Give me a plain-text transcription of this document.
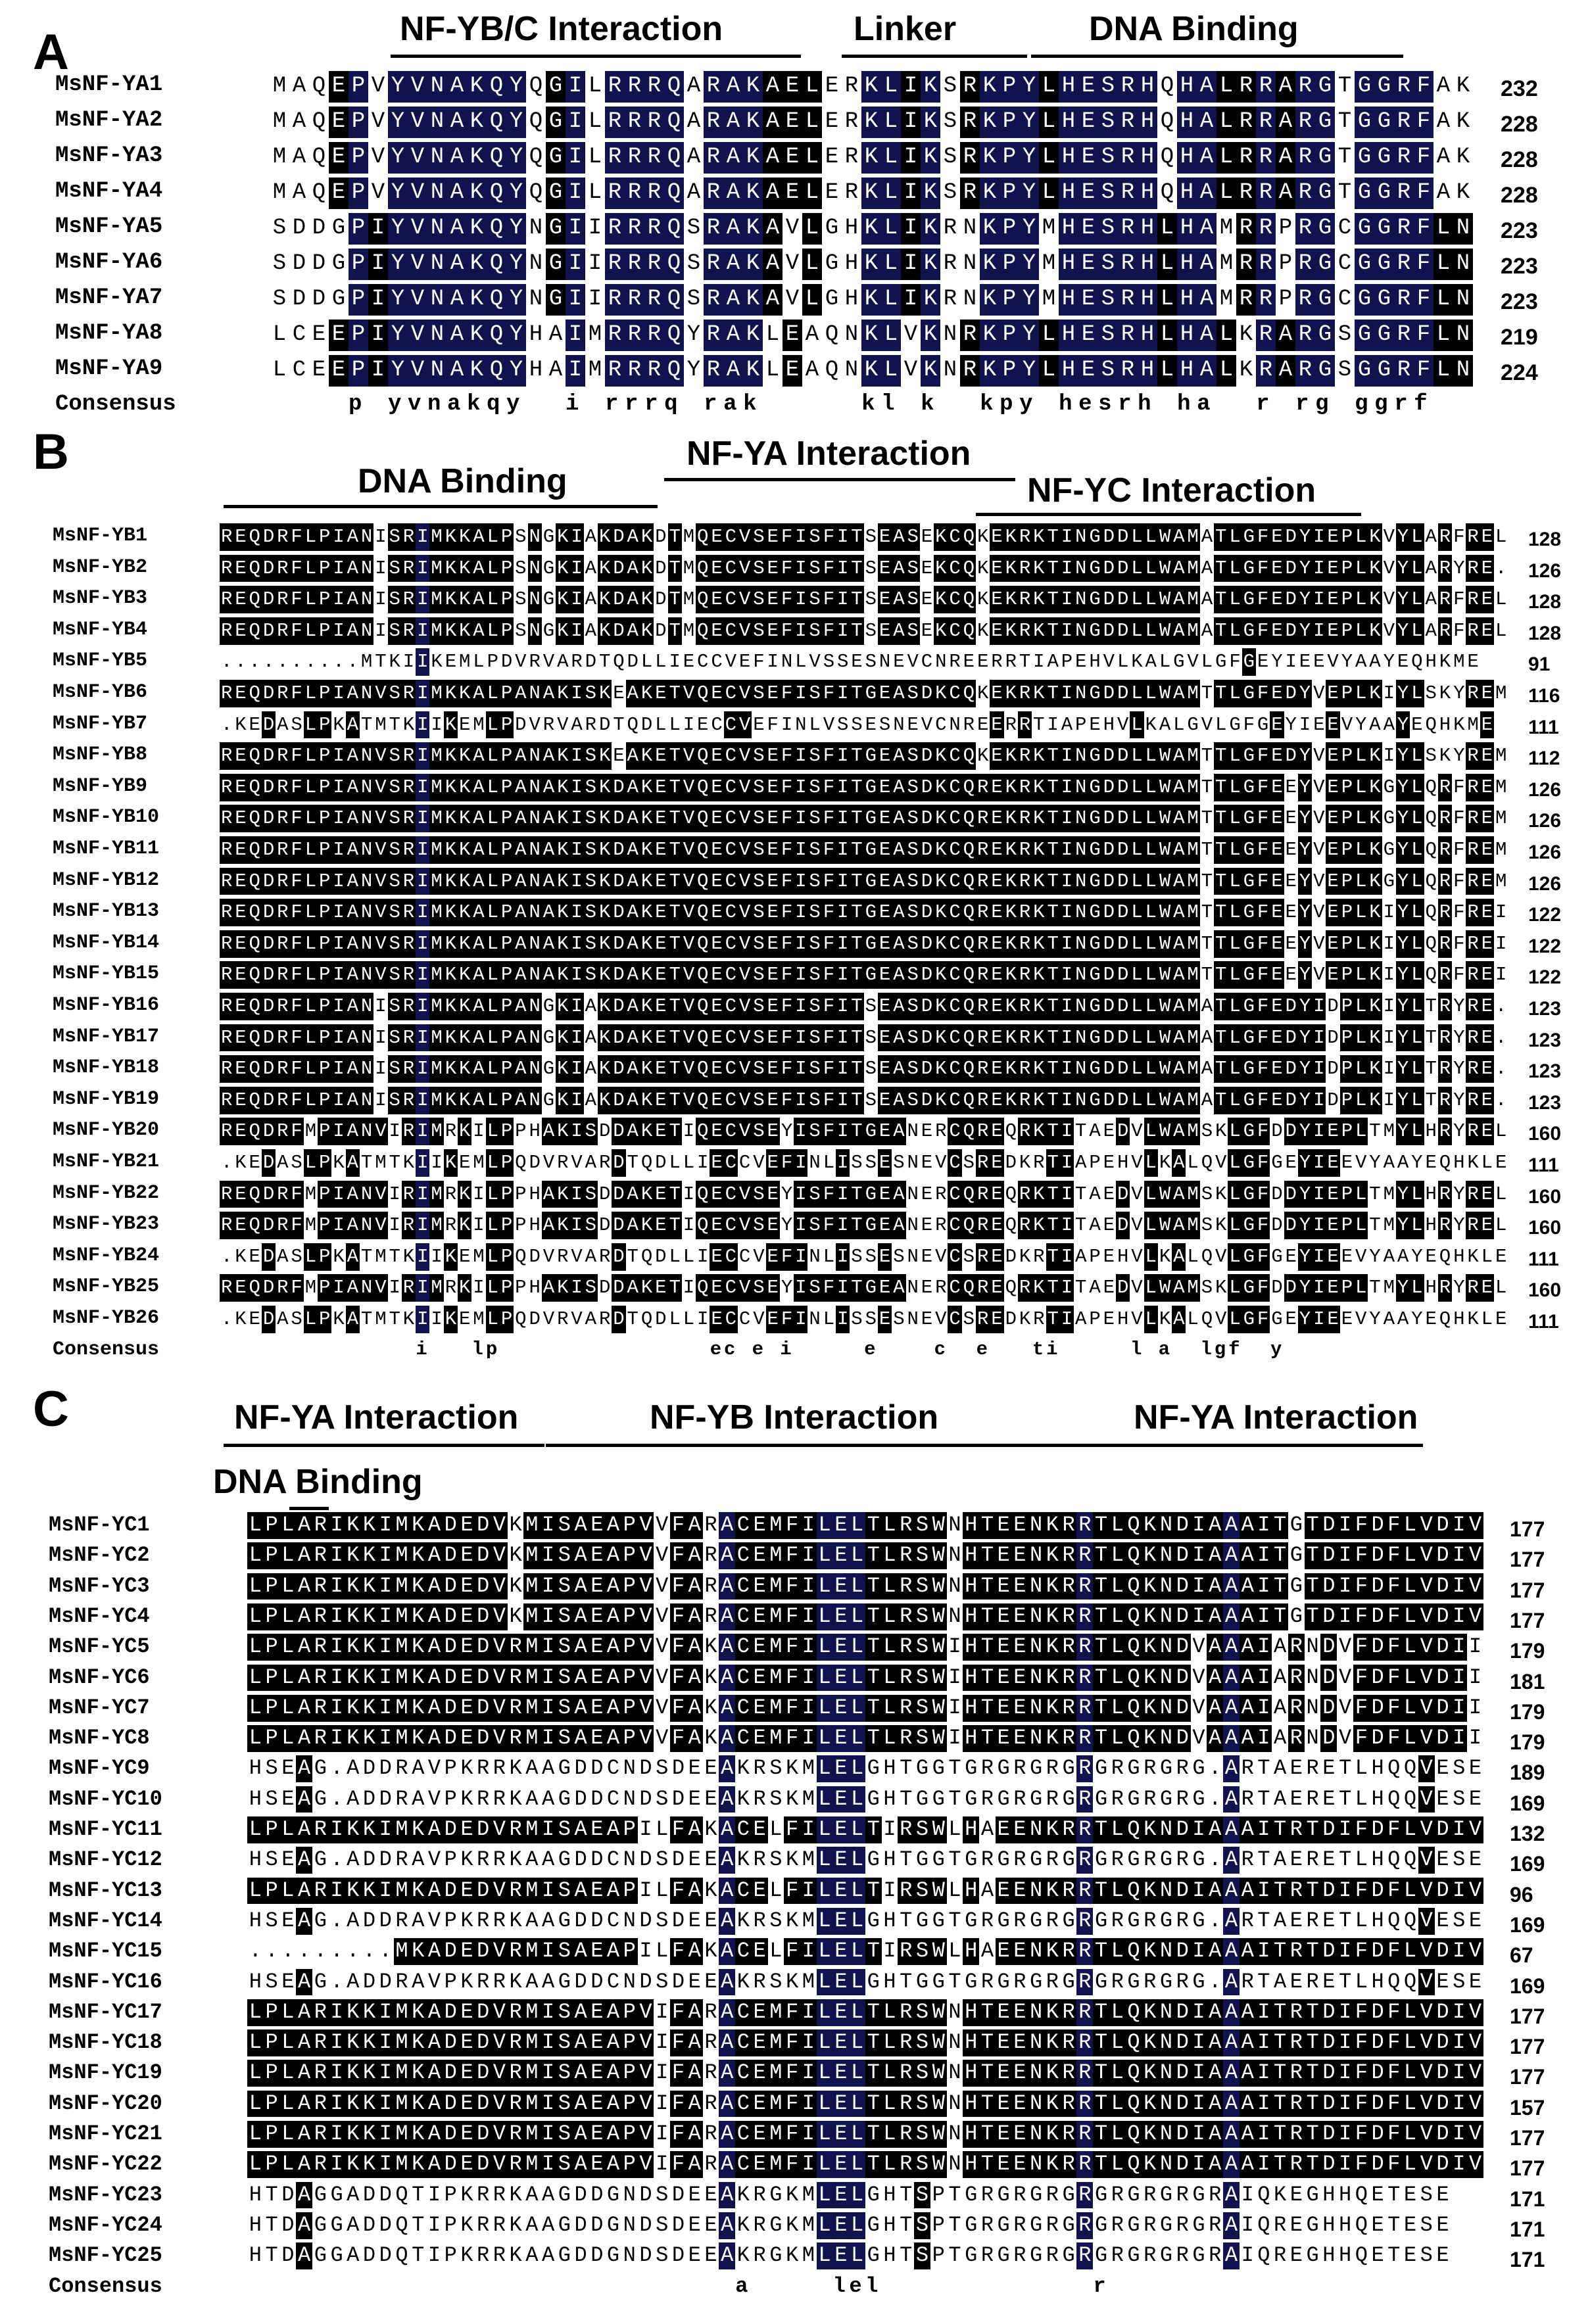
A	NF-YB/C Interaction	Linker	DNA Binding
MsNF-YA1	M A Q E P V Y V N A K Q Y Q G I L R R R Q A R A K A E L E R K L I K S R K P Y L H E S R H Q H A L R R A R G T G G R F A K 232
MsNF-YA2	M A Q E P V Y V N A K Q Y Q G I L R R R Q A R A K A E L E R K L I K S R K P Y L H E S R H Q H A L R R A R G T G G R F A K 228
MsNF-YA3	M A Q E P V Y V N A K Q Y Q G I L R R R Q A R A K A E L E R K L I K S R K P Y L H E S R H Q H A L R R A R G T G G R F A K 228
MsNF-YA4	M A Q E P V Y V N A K Q Y Q G I L R R R Q A R A K A E L E R K L I K S R K P Y L H E S R H Q H A L R R A R G T G G R F A K 228
MsNF-YA5	S D D G P I Y V N A K Q Y N G I I R R R Q S R A K A V L G H K L I K R N K P Y M H E S R H L H A M R R P R G C G G R F L N 223
MsNF-YA6	S D D G P I Y V N A K Q Y N G I I R R R Q S R A K A V L G H K L I K R N K P Y M H E S R H L H A M R R P R G C G G R F L N 223
MsNF-YA7	S D D G P I Y V N A K Q Y N G I I R R R Q S R A K A V L G H K L I K R N K P Y M H E S R H L H A M R R P R G C G G R F L N 223
MsNF-YA8	L C E E P I Y V N A K Q Y H A I M R R R Q Y R A K L E A Q N K L V K N R K P Y L H E S R H L H A L K R A R G S G G R F L N 219
MsNF-YA9	L C E E P I Y V N A K Q Y H A I M R R R Q Y R A K L E A Q N K L V K N R K P Y L H E S R H L H A L K R A R G S G G R F L N 224
Consensus	p yvnakqy  i rrrq rak     kl k  kpy hesrh ha  r rg ggrf
B
DNA Binding
NF-YA Interaction
NF-YC Interaction
MsNF-YB1	R E Q D R F L P I A N I S R I M K K A L P S N G K I A K D A K D T M Q E C V S E F I S F I T S E A S E K C Q K E K R K T I N G D D L L W A M A T L G F E D Y I E P L K V Y L A R F R E L 128
MsNF-YB2	R E Q D R F L P I A N I S R I M K K A L P S N G K I A K D A K D T M Q E C V S E F I S F I T S E A S E K C Q K E K R K T I N G D D L L W A M A T L G F E D Y I E P L K V Y L A R Y R E . 126
MsNF-YB3	R E Q D R F L P I A N I S R I M K K A L P S N G K I A K D A K D T M Q E C V S E F I S F I T S E A S E K C Q K E K R K T I N G D D L L W A M A T L G F E D Y I E P L K V Y L A R F R E L 128
MsNF-YB4	R E Q D R F L P I A N I S R I M K K A L P S N G K I A K D A K D T M Q E C V S E F I S F I T S E A S E K C Q K E K R K T I N G D D L L W A M A T L G F E D Y I E P L K V Y L A R F R E L 128
MsNF-YB5	. . . . . . . . . . M T K I I K E M L P D V R V A R D T Q D L L I E C C V E F I N L V S S E S N E V C N R E E R R T I A P E H V L K A L G V L G F G E Y I E E V Y A A Y E Q H K M E	91
MsNF-YB6	R E Q D R F L P I A N V S R I M K K A L P A N A K I S K E A K E T V Q E C V S E F I S F I T G E A S D K C Q K E K R K T I N G D D L L W A M T T L G F E D Y V E P L K I Y L S K Y R E M 116
MsNF-YB7	. K E D A S L P K A T M T K I I K E M L P D V R V A R D T Q D L L I E C C V E F I N L V S S E S N E V C N R E E R R T I A P E H V L K A L G V L G F G E Y I E E V Y A A Y E Q H K M E 111
MsNF-YB8	R E Q D R F L P I A N V S R I M K K A L P A N A K I S K E A K E T V Q E C V S E F I S F I T G E A S D K C Q K E K R K T I N G D D L L W A M T T L G F E D Y V E P L K I Y L S K Y R E M 112
MsNF-YB9	R E Q D R F L P I A N V S R I M K K A L P A N A K I S K D A K E T V Q E C V S E F I S F I T G E A S D K C Q R E K R K T I N G D D L L W A M T T L G F E E Y V E P L K G Y L Q R F R E M 126
MsNF-YB10	R E Q D R F L P I A N V S R I M K K A L P A N A K I S K D A K E T V Q E C V S E F I S F I T G E A S D K C Q R E K R K T I N G D D L L W A M T T L G F E E Y V E P L K G Y L Q R F R E M 126
MsNF-YB11	R E Q D R F L P I A N V S R I M K K A L P A N A K I S K D A K E T V Q E C V S E F I S F I T G E A S D K C Q R E K R K T I N G D D L L W A M T T L G F E E Y V E P L K G Y L Q R F R E M 126
MsNF-YB12	R E Q D R F L P I A N V S R I M K K A L P A N A K I S K D A K E T V Q E C V S E F I S F I T G E A S D K C Q R E K R K T I N G D D L L W A M T T L G F E E Y V E P L K G Y L Q R F R E M 126
MsNF-YB13	R E Q D R F L P I A N V S R I M K K A L P A N A K I S K D A K E T V Q E C V S E F I S F I T G E A S D K C Q R E K R K T I N G D D L L W A M T T L G F E E Y V E P L K I Y L Q R F R E I 122
MsNF-YB14	R E Q D R F L P I A N V S R I M K K A L P A N A K I S K D A K E T V Q E C V S E F I S F I T G E A S D K C Q R E K R K T I N G D D L L W A M T T L G F E E Y V E P L K I Y L Q R F R E I 122
MsNF-YB15	R E Q D R F L P I A N V S R I M K K A L P A N A K I S K D A K E T V Q E C V S E F I S F I T G E A S D K C Q R E K R K T I N G D D L L W A M T T L G F E E Y V E P L K I Y L Q R F R E I 122
MsNF-YB16	R E Q D R F L P I A N I S R I M K K A L P A N G K I A K D A K E T V Q E C V S E F I S F I T S E A S D K C Q R E K R K T I N G D D L L W A M A T L G F E D Y I D P L K I Y L T R Y R E . 123
MsNF-YB17	R E Q D R F L P I A N I S R I M K K A L P A N G K I A K D A K E T V Q E C V S E F I S F I T S E A S D K C Q R E K R K T I N G D D L L W A M A T L G F E D Y I D P L K I Y L T R Y R E . 123
MsNF-YB18	R E Q D R F L P I A N I S R I M K K A L P A N G K I A K D A K E T V Q E C V S E F I S F I T S E A S D K C Q R E K R K T I N G D D L L W A M A T L G F E D Y I D P L K I Y L T R Y R E . 123
MsNF-YB19	R E Q D R F L P I A N I S R I M K K A L P A N G K I A K D A K E T V Q E C V S E F I S F I T S E A S D K C Q R E K R K T I N G D D L L W A M A T L G F E D Y I D P L K I Y L T R Y R E . 123
MsNF-YB20	R E Q D R F M P I A N V I R I M R K I L P P H A K I S D D A K E T I Q E C V S E Y I S F I T G E A N E R C Q R E Q R K T I T A E D V L W A M S K L G F D D Y I E P L T M Y L H R Y R E L 160
MsNF-YB21	. K E D A S L P K A T M T K I I K E M L P Q D V R V A R D T Q D L L I E C C V E F I N L I S S E S N E V C S R E D K R T I A P E H V L K A L Q V L G F G E Y I E E V Y A A Y E Q H K L E 111
MsNF-YB22	R E Q D R F M P I A N V I R I M R K I L P P H A K I S D D A K E T I Q E C V S E Y I S F I T G E A N E R C Q R E Q R K T I T A E D V L W A M S K L G F D D Y I E P L T M Y L H R Y R E L 160
MsNF-YB23	R E Q D R F M P I A N V I R I M R K I L P P H A K I S D D A K E T I Q E C V S E Y I S F I T G E A N E R C Q R E Q R K T I T A E D V L W A M S K L G F D D Y I E P L T M Y L H R Y R E L 160
MsNF-YB24	. K E D A S L P K A T M T K I I K E M L P Q D V R V A R D T Q D L L I E C C V E F I N L I S S E S N E V C S R E D K R T I A P E H V L K A L Q V L G F G E Y I E E V Y A A Y E Q H K L E 111
MsNF-YB25	R E Q D R F M P I A N V I R I M R K I L P P H A K I S D D A K E T I Q E C V S E Y I S F I T G E A N E R C Q R E Q R K T I T A E D V L W A M S K L G F D D Y I E P L T M Y L H R Y R E L 160
MsNF-YB26	. K E D A S L P K A T M T K I I K E M L P Q D V R V A R D T Q D L L I E C C V E F I N L I S S E S N E V C S R E D K R T I A P E H V L K A L Q V L G F G E Y I E E V Y A A Y E Q H K L E 111
Consensus	i   lp               ec e i     e    c  e   ti     l a  lgf  y
C	NF-YA Interaction	NF-YB Interaction	NF-YA Interaction
DNA Binding
MsNF-YC1	L P L A R I K K I M K A D E D V K M I S A E A P V V F A R A C E M F I L E L T L R S W N H T E E N K R R T L Q K N D I A A A I T G T D I F D F L V D I V 177
MsNF-YC2	L P L A R I K K I M K A D E D V K M I S A E A P V V F A R A C E M F I L E L T L R S W N H T E E N K R R T L Q K N D I A A A I T G T D I F D F L V D I V 177
MsNF-YC3	L P L A R I K K I M K A D E D V K M I S A E A P V V F A R A C E M F I L E L T L R S W N H T E E N K R R T L Q K N D I A A A I T G T D I F D F L V D I V 177
MsNF-YC4	L P L A R I K K I M K A D E D V K M I S A E A P V V F A R A C E M F I L E L T L R S W N H T E E N K R R T L Q K N D I A A A I T G T D I F D F L V D I V 177
MsNF-YC5	L P L A R I K K I M K A D E D V R M I S A E A P V V F A K A C E M F I L E L T L R S W I H T E E N K R R T L Q K N D V A A A I A R N D V F D F L V D I I 179
MsNF-YC6	L P L A R I K K I M K A D E D V R M I S A E A P V V F A K A C E M F I L E L T L R S W I H T E E N K R R T L Q K N D V A A A I A R N D V F D F L V D I I 181
MsNF-YC7	L P L A R I K K I M K A D E D V R M I S A E A P V V F A K A C E M F I L E L T L R S W I H T E E N K R R T L Q K N D V A A A I A R N D V F D F L V D I I 179
MsNF-YC8	L P L A R I K K I M K A D E D V R M I S A E A P V V F A K A C E M F I L E L T L R S W I H T E E N K R R T L Q K N D V A A A I A R N D V F D F L V D I I 179
MsNF-YC9	H S E A G . A D D R A V P K R R K A A G D D C N D S D E E A K R S K M L E L G H T G G T G R G R G R G R G R G R G R G . A R T A E R E T L H Q Q V E S E 189
MsNF-YC10	H S E A G . A D D R A V P K R R K A A G D D C N D S D E E A K R S K M L E L G H T G G T G R G R G R G R G R G R G R G . A R T A E R E T L H Q Q V E S E 169
MsNF-YC11	L P L A R I K K I M K A D E D V R M I S A E A P I L F A K A C E L F I L E L T I R S W L H A E E N K R R T L Q K N D I A A A I T R T D I F D F L V D I V 132
MsNF-YC12	H S E A G . A D D R A V P K R R K A A G D D C N D S D E E A K R S K M L E L G H T G G T G R G R G R G R G R G R G R G . A R T A E R E T L H Q Q V E S E 169
MsNF-YC13	L P L A R I K K I M K A D E D V R M I S A E A P I L F A K A C E L F I L E L T I R S W L H A E E N K R R T L Q K N D I A A A I T R T D I F D F L V D I V 96
MsNF-YC14	H S E A G . A D D R A V P K R R K A A G D D C N D S D E E A K R S K M L E L G H T G G T G R G R G R G R G R G R G R G . A R T A E R E T L H Q Q V E S E 169
MsNF-YC15	. . . . . . . . . M K A D E D V R M I S A E A P I L F A K A C E L F I L E L T I R S W L H A E E N K R R T L Q K N D I A A A I T R T D I F D F L V D I V 67
MsNF-YC16	H S E A G . A D D R A V P K R R K A A G D D C N D S D E E A K R S K M L E L G H T G G T G R G R G R G R G R G R G R G . A R T A E R E T L H Q Q V E S E 169
MsNF-YC17	L P L A R I K K I M K A D E D V R M I S A E A P V I F A R A C E M F I L E L T L R S W N H T E E N K R R T L Q K N D I A A A I T R T D I F D F L V D I V 177
MsNF-YC18	L P L A R I K K I M K A D E D V R M I S A E A P V I F A R A C E M F I L E L T L R S W N H T E E N K R R T L Q K N D I A A A I T R T D I F D F L V D I V 177
MsNF-YC19	L P L A R I K K I M K A D E D V R M I S A E A P V I F A R A C E M F I L E L T L R S W N H T E E N K R R T L Q K N D I A A A I T R T D I F D F L V D I V 177
MsNF-YC20	L P L A R I K K I M K A D E D V R M I S A E A P V I F A R A C E M F I L E L T L R S W N H T E E N K R R T L Q K N D I A A A I T R T D I F D F L V D I V 157
MsNF-YC21	L P L A R I K K I M K A D E D V R M I S A E A P V I F A R A C E M F I L E L T L R S W N H T E E N K R R T L Q K N D I A A A I T R T D I F D F L V D I V 177
MsNF-YC22	L P L A R I K K I M K A D E D V R M I S A E A P V I F A R A C E M F I L E L T L R S W N H T E E N K R R T L Q K N D I A A A I T R T D I F D F L V D I V 177
MsNF-YC23	H T D A G G A D D Q T I P K R R K A A G D D G N D S D E E A K R G K M L E L G H T S P T G R G R G R G R G R G R G R G R A I Q K E G H H Q E T E S E	171
MsNF-YC24	H T D A G G A D D Q T I P K R R K A A G D D G N D S D E E A K R G K M L E L G H T S P T G R G R G R G R G R G R G R G R A I Q R E G H H Q E T E S E	171
MsNF-YC25	H T D A G G A D D Q T I P K R R K A A G D D G N D S D E E A K R G K M L E L G H T S P T G R G R G R G R G R G R G R G R A I Q R E G H H Q E T E S E	171
Consensus	a     lel             r
